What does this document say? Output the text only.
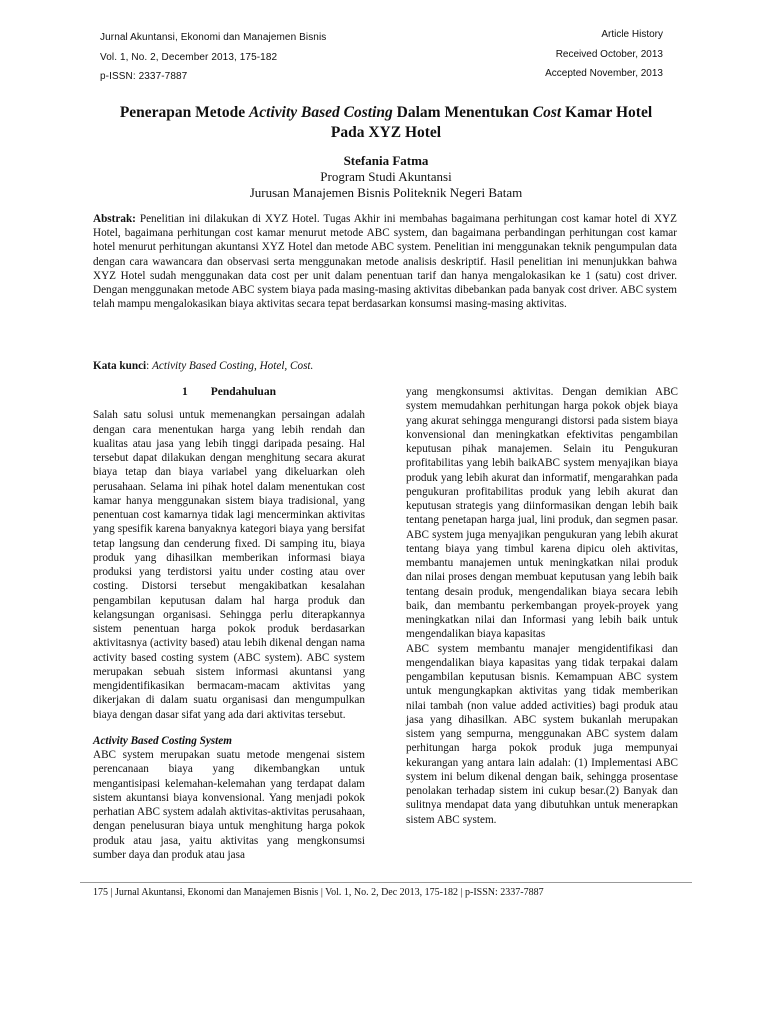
Jurnal Akuntansi, Ekonomi dan Manajemen Bisnis
Vol. 1, No. 2, December 2013, 175-182
p-ISSN: 2337-7887
Article History
Received October, 2013
Accepted November, 2013
Penerapan Metode Activity Based Costing Dalam Menentukan Cost Kamar Hotel
Pada XYZ Hotel
Stefania Fatma
Program Studi Akuntansi
Jurusan Manajemen Bisnis Politeknik Negeri Batam
Abstrak: Penelitian ini dilakukan di XYZ Hotel. Tugas Akhir ini membahas bagaimana perhitungan cost kamar hotel di XYZ Hotel, bagaimana perhitungan cost kamar menurut metode ABC system, dan bagaimana perbandingan perhitungan cost kamar hotel menurut perhitungan akuntansi XYZ Hotel dan metode ABC system. Penelitian ini menggunakan teknik pengumpulan data dengan cara wawancara dan observasi serta menggunakan metode analisis deskriptif. Hasil penelitian ini menunjukkan bahwa XYZ Hotel sudah menggunakan data cost per unit dalam penentuan tarif dan hanya mengalokasikan ke 1 (satu) cost driver. Dengan menggunakan metode ABC system biaya pada masing-masing aktivitas dibebankan pada banyak cost driver. ABC system telah mampu mengalokasikan biaya aktivitas secara tepat berdasarkan konsumsi masing-masing aktivitas.
Kata kunci: Activity Based Costing, Hotel, Cost.
1 Pendahuluan

Salah satu solusi untuk memenangkan persaingan adalah dengan cara menentukan harga yang lebih rendah dan kualitas atau jasa yang lebih tinggi daripada pesaing. Hal tersebut dapat dilakukan dengan menghitung secara akurat biaya tetap dan biaya variabel yang dikeluarkan oleh perusahaan. Selama ini pihak hotel dalam menentukan cost kamar hanya menggunakan sistem biaya tradisional, yang penentuan cost kamarnya tidak lagi mencerminkan aktivitas yang spesifik karena banyaknya kategori biaya yang bersifat tetap langsung dan cenderung fixed. Di samping itu, biaya produk yang dihasilkan memberikan informasi biaya produksi yang terdistorsi yaitu under costing atau over costing. Distorsi tersebut mengakibatkan kesalahan pengambilan keputusan dalam hal harga produk dan kelangsungan organisasi. Sehingga perlu diterapkannya sistem penentuan harga pokok produk berdasarkan aktivitasnya (activity based) atau lebih dikenal dengan nama activity based costing system (ABC system). ABC system merupakan sebuah sistem informasi akuntansi yang mengidentifikasikan bermacam-macam aktivitas yang dikerjakan di dalam suatu organisasi dan mengumpulkan biaya dengan dasar sifat yang ada dari aktivitas tersebut.

Activity Based Costing System

ABC system merupakan suatu metode mengenai sistem perencanaan biaya yang dikembangkan untuk mengantisipasi kelemahan-kelemahan yang terdapat dalam sistem akuntansi biaya konvensional. Yang menjadi pokok perhatian ABC system adalah aktivitas-aktivitas perusahaan, dengan penelusuran biaya untuk menghitung harga pokok produk atau jasa, yaitu aktivitas yang mengkonsumsi sumber daya dan produk atau jasa

yang mengkonsumsi aktivitas. Dengan demikian ABC system memudahkan perhitungan harga pokok objek biaya yang akurat sehingga mengurangi distorsi pada sistem biaya konvensional dan meningkatkan efektivitas pengambilan keputusan pihak manajemen. Selain itu Pengukuran profitabilitas yang lebih baikABC system menyajikan biaya produk yang lebih akurat dan informatif, mengarahkan pada pengukuran profitabilitas produk yang lebih akurat dan keputusan strategis yang diinformasikan dengan lebih baik tentang penetapan harga jual, lini produk, dan segmen pasar. ABC system juga menyajikan pengukuran yang lebih akurat tentang biaya yang timbul karena dipicu oleh aktivitas, membantu manajemen untuk meningkatkan nilai produk dan nilai proses dengan membuat keputusan yang lebih baik tentang desain produk, mengendalikan biaya secara lebih baik, dan membantu perkembangan proyek-proyek yang meningkatkan nilai dan Informasi yang lebih baik untuk mengendalikan biaya kapasitas

ABC system membantu manajer mengidentifikasi dan mengendalikan biaya kapasitas yang tidak terpakai dalam pengambilan keputusan bisnis. Kemampuan ABC system untuk mengungkapkan aktivitas yang tidak memberikan nilai tambah (non value added activities) bagi produk atau jasa yang dihasilkan. ABC system bukanlah merupakan sistem yang sempurna, menggunakan ABC system dalam perhitungan harga pokok produk juga mempunyai kekurangan yang antara lain adalah: (1) Implementasi ABC system ini belum dikenal dengan baik, sehingga prosentase penolakan terhadap sistem ini cukup besar.(2) Banyak dan sulitnya mendapat data yang dibutuhkan untuk menerapkan sistem ABC system.

175 | Jurnal Akuntansi, Ekonomi dan Manajemen Bisnis | Vol. 1, No. 2, Dec 2013, 175-182 | p-ISSN: 2337-7887
